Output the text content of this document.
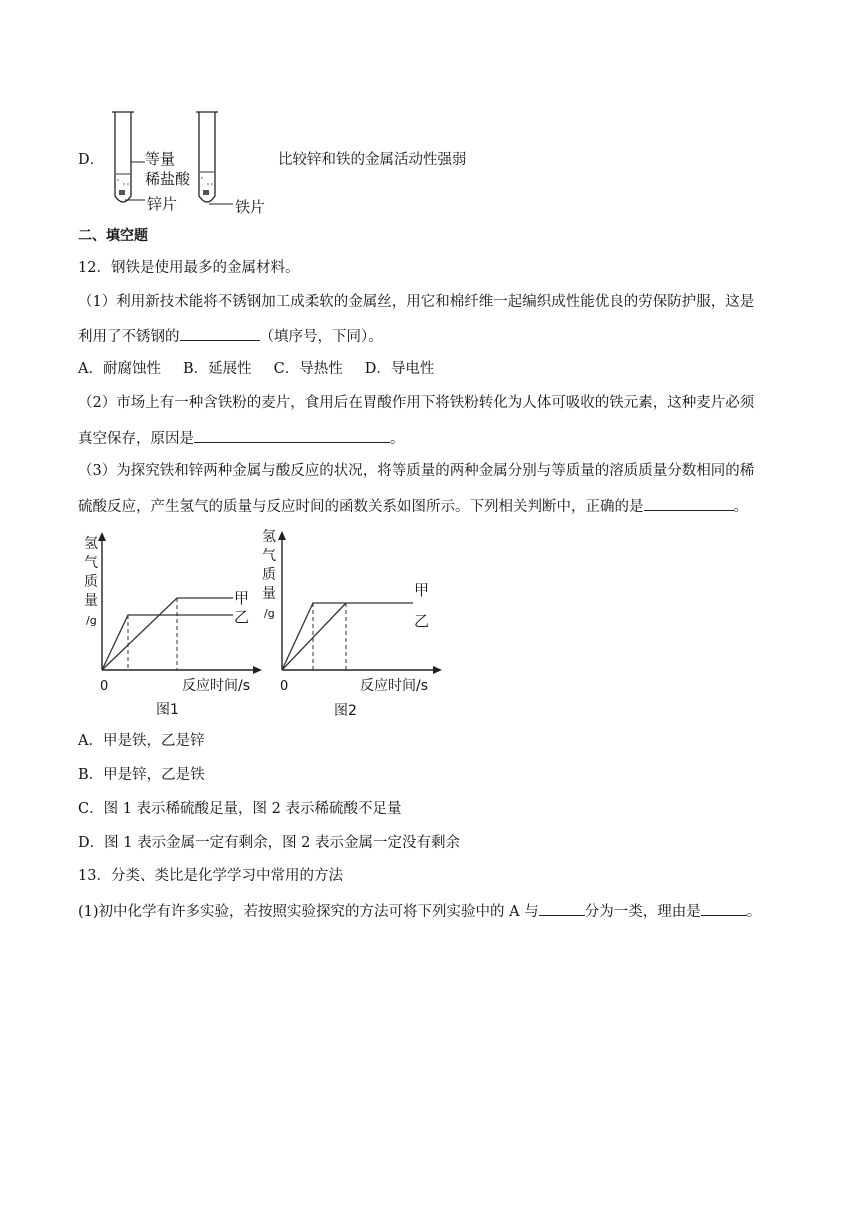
D．	等量
稀盐酸
锌片	铁片
比较锌和铁的金属活动性强弱
二、填空题
12．钢铁是使用最多的金属材料。
（1）利用新技术能将不锈钢加工成柔软的金属丝，用它和棉纤维一起编织成性能优良的劳保防护服，这是
利用了不锈钢的	（填序号，下同）。
A．耐腐蚀性 B．延展性 C．导热性 D．导电性
（2）市场上有一种含铁粉的麦片，食用后在胃酸作用下将铁粉转化为人体可吸收的铁元素，这种麦片必须
真空保存，原因是	。
（3）为探究铁和锌两种金属与酸反应的状况，将等质量的两种金属分别与等质量的溶质质量分数相同的稀
硫酸反应，产生氢气的质量与反应时间的函数关系如图所示。下列相关判断中，正确的是	。
氢
气
质
量
/g
甲
乙
0	反应时间/s
图1
氢
气
质
量
/g
甲
乙
0	反应时间/s
图2
A．甲是铁，乙是锌
B．甲是锌，乙是铁
C．图 1 表示稀硫酸足量，图 2 表示稀硫酸不足量
D．图 1 表示金属一定有剩余，图 2 表示金属一定没有剩余
13．分类、类比是化学学习中常用的方法
(1)初中化学有许多实验，若按照实验探究的方法可将下列实验中的 A 与	分为一类，理由是	。
